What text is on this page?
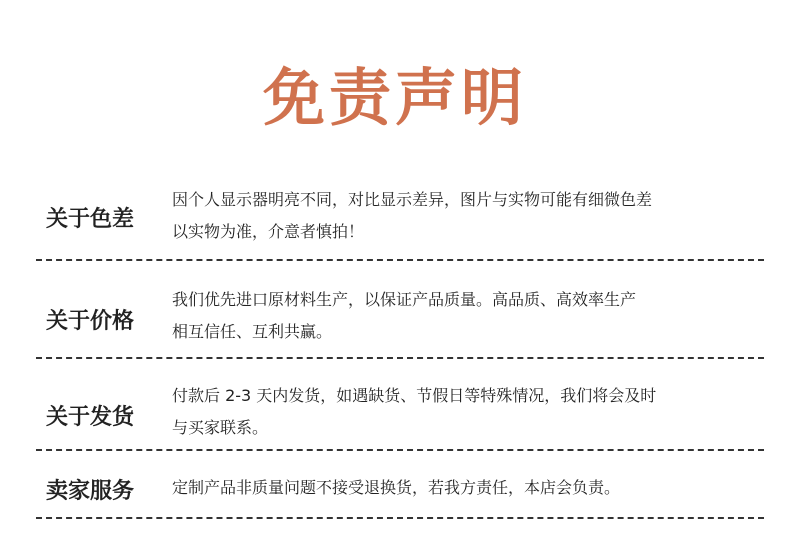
免责声明
关于色差
因个人显示器明亮不同，对比显示差异，图片与实物可能有细微色差
以实物为准，介意者慎拍！
关于价格
我们优先进口原材料生产，以保证产品质量。高品质、高效率生产
相互信任、互利共赢。
关于发货
付款后 2-3 天内发货，如遇缺货、节假日等特殊情况，我们将会及时
与买家联系。
卖家服务 定制产品非质量问题不接受退换货，若我方责任，本店会负责。
